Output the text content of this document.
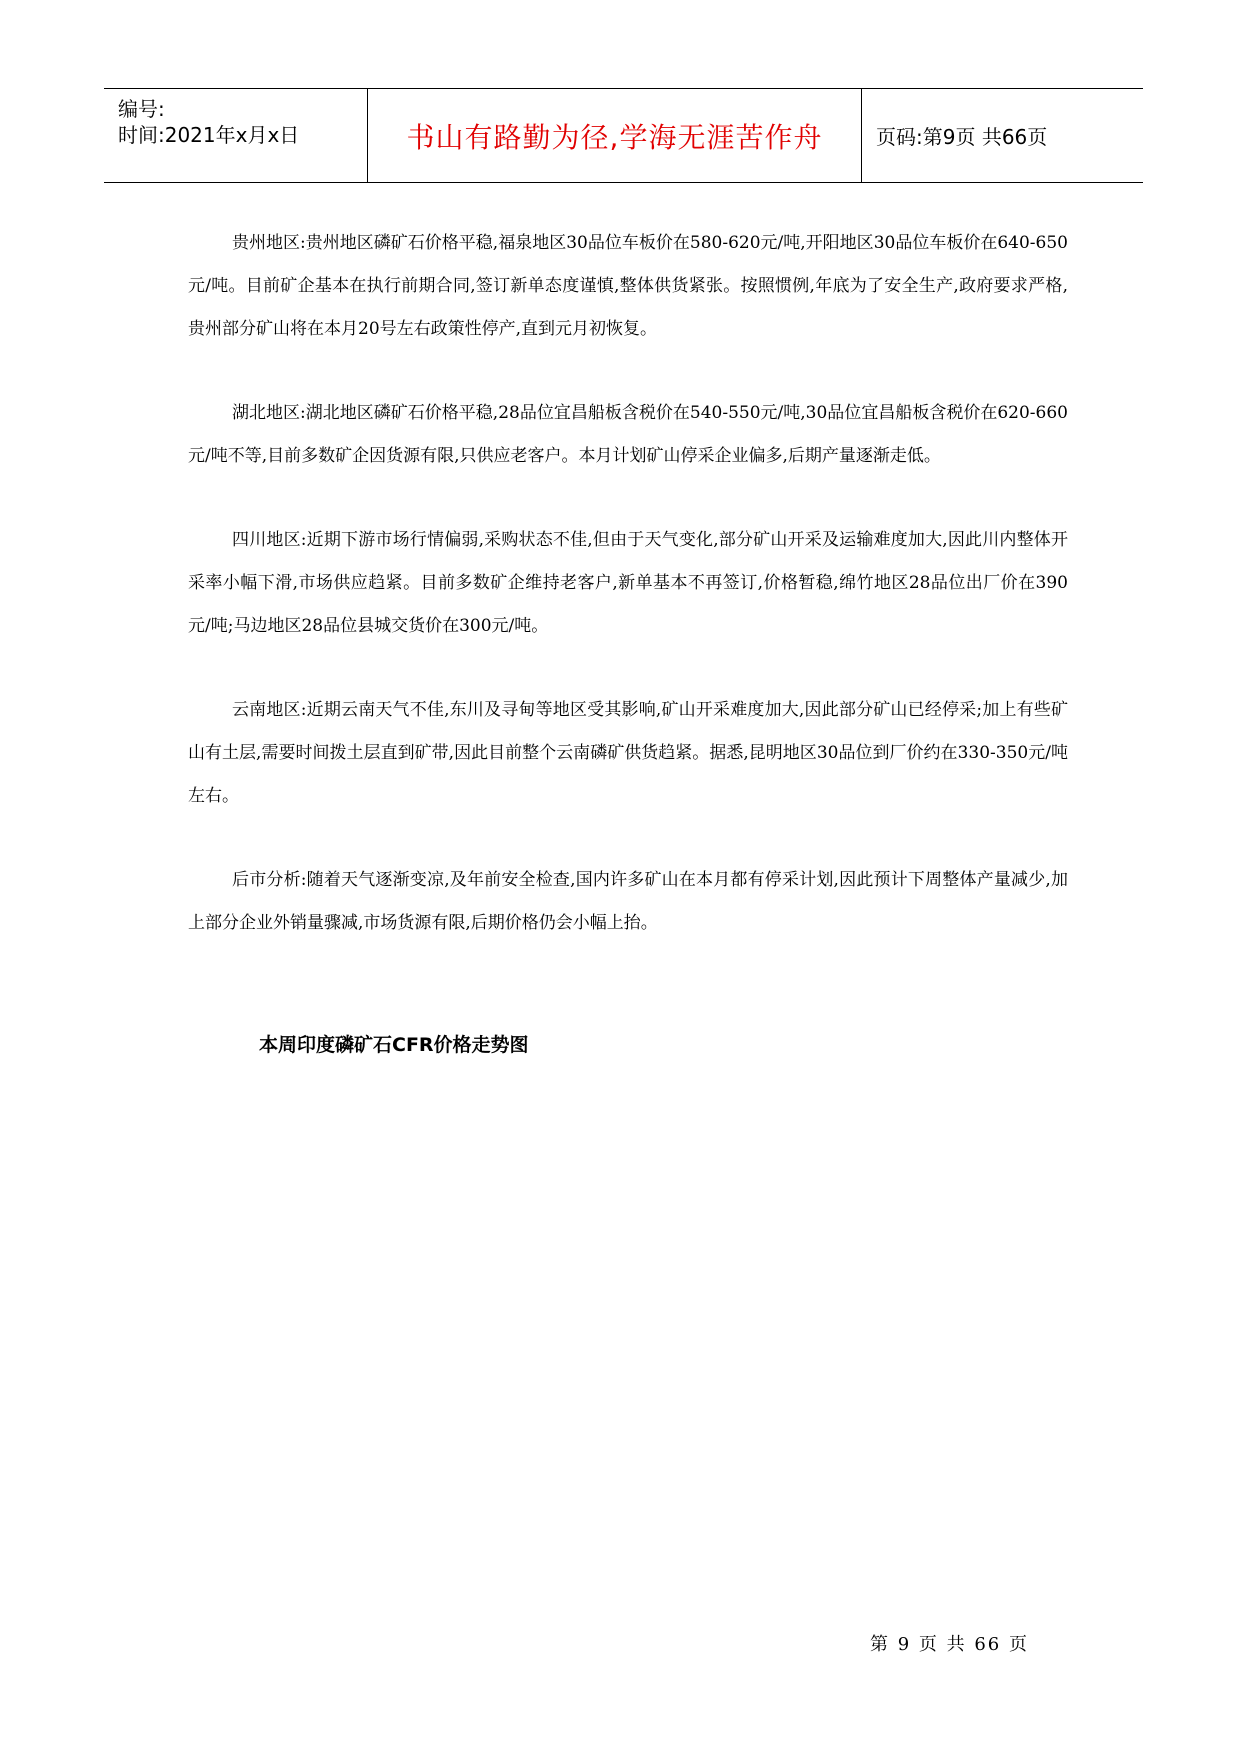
编号:
时间:2021年x月x日	书山有路勤为径,学海无涯苦作舟	页码:第9页 共66页

贵州地区:贵州地区磷矿石价格平稳,福泉地区30品位车板价在580-620元/吨,开阳地区30品位车板价在640-650元/吨。目前矿企基本在执行前期合同,签订新单态度谨慎,整体供货紧张。按照惯例,年底为了安全生产,政府要求严格,贵州部分矿山将在本月20号左右政策性停产,直到元月初恢复。

湖北地区:湖北地区磷矿石价格平稳,28品位宜昌船板含税价在540-550元/吨,30品位宜昌船板含税价在620-660元/吨不等,目前多数矿企因货源有限,只供应老客户。本月计划矿山停采企业偏多,后期产量逐渐走低。

四川地区:近期下游市场行情偏弱,采购状态不佳,但由于天气变化,部分矿山开采及运输难度加大,因此川内整体开采率小幅下滑,市场供应趋紧。目前多数矿企维持老客户,新单基本不再签订,价格暂稳,绵竹地区28品位出厂价在390元/吨;马边地区28品位县城交货价在300元/吨。

云南地区:近期云南天气不佳,东川及寻甸等地区受其影响,矿山开采难度加大,因此部分矿山已经停采;加上有些矿山有土层,需要时间拨土层直到矿带,因此目前整个云南磷矿供货趋紧。据悉,昆明地区30品位到厂价约在330-350元/吨左右。

后市分析:随着天气逐渐变凉,及年前安全检查,国内许多矿山在本月都有停采计划,因此预计下周整体产量减少,加上部分企业外销量骤减,市场货源有限,后期价格仍会小幅上抬。

本周印度磷矿石CFR价格走势图
第 9 页 共 66 页
